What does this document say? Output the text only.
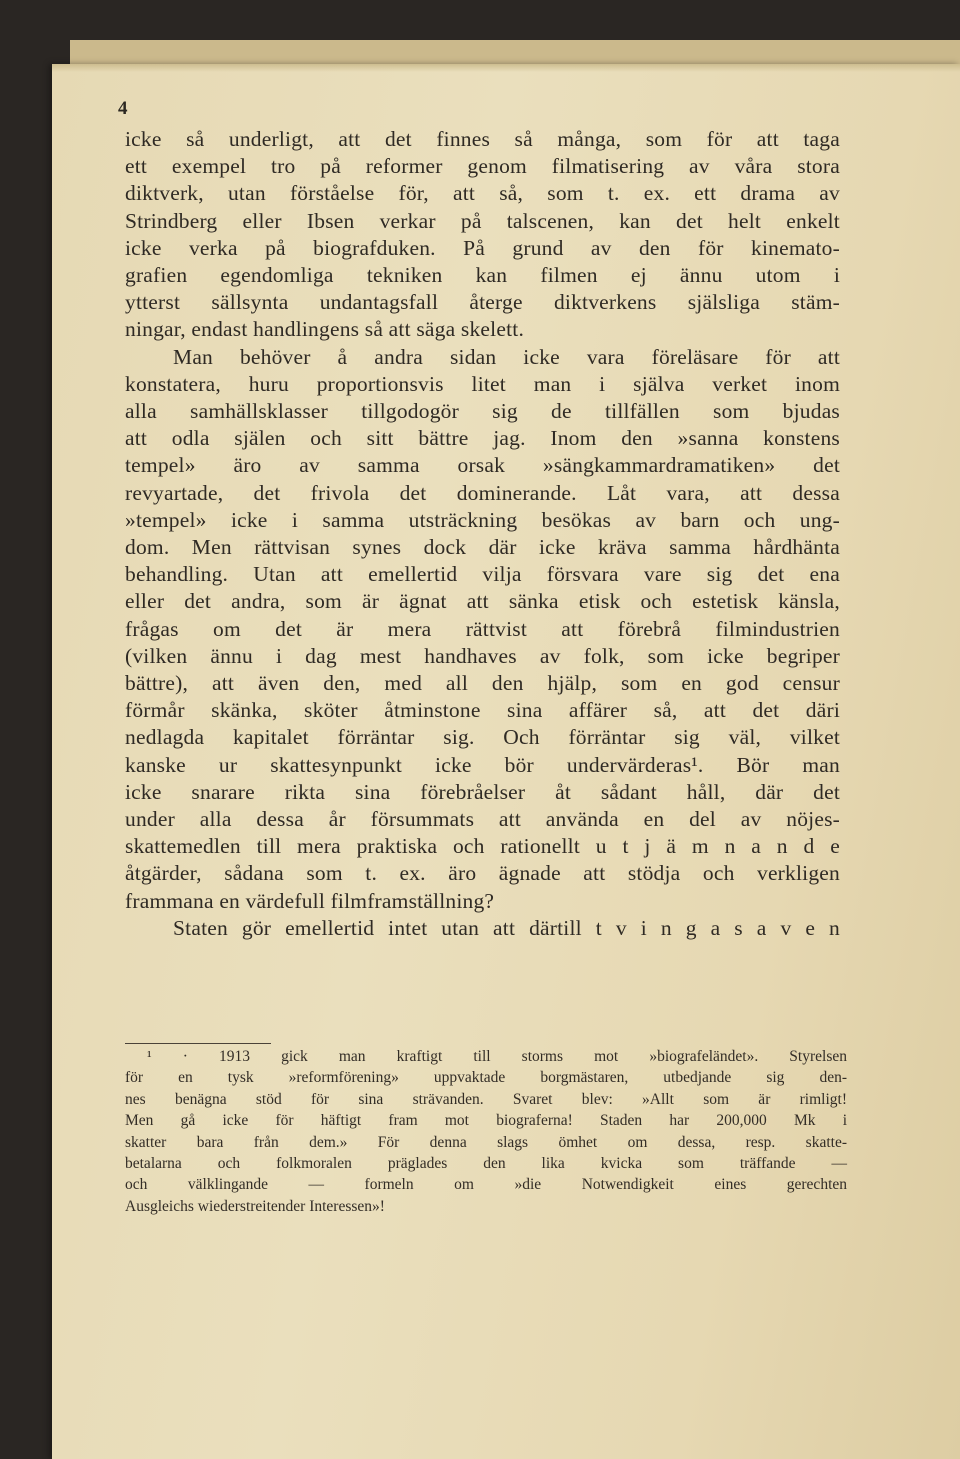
4
icke så underligt, att det finnes så många, som för att taga
ett exempel tro på reformer genom filmatisering av våra stora
diktverk, utan förståelse för, att så, som t. ex. ett drama av
Strindberg eller Ibsen verkar på talscenen, kan det helt enkelt
icke verka på biografduken. På grund av den för kinemato-
grafien egendomliga tekniken kan filmen ej ännu utom i
ytterst sällsynta undantagsfall återge diktverkens själsliga stäm-
ningar, endast handlingens så att säga skelett.
Man behöver å andra sidan icke vara föreläsare för att
konstatera, huru proportionsvis litet man i själva verket inom
alla samhällsklasser tillgodogör sig de tillfällen som bjudas
att odla själen och sitt bättre jag. Inom den »sanna konstens
tempel» äro av samma orsak »sängkammardramatiken» det
revyartade, det frivola det dominerande. Låt vara, att dessa
»tempel» icke i samma utsträckning besökas av barn och ung-
dom. Men rättvisan synes dock där icke kräva samma hårdhänta
behandling. Utan att emellertid vilja försvara vare sig det ena
eller det andra, som är ägnat att sänka etisk och estetisk känsla,
frågas om det är mera rättvist att förebrå filmindustrien
(vilken ännu i dag mest handhaves av folk, som icke begriper
bättre), att även den, med all den hjälp, som en god censur
förmår skänka, sköter åtminstone sina affärer så, att det däri
nedlagda kapitalet förräntar sig. Och förräntar sig väl, vilket
kanske ur skattesynpunkt icke bör undervärderas¹. Bör man
icke snarare rikta sina förebråelser åt sådant håll, där det
under alla dessa år försummats att använda en del av nöjes-
skattemedlen till mera praktiska och rationellt u t j ä m n a n d e
åtgärder, sådana som t. ex. äro ägnade att stödja och verkligen
frammana en värdefull filmframställning?
Staten gör emellertid intet utan att därtill t v i n g a s a v e n
¹ · 1913 gick man kraftigt till storms mot »biografeländet». Styrelsen
för en tysk »reformförening» uppvaktade borgmästaren, utbedjande sig den-
nes benägna stöd för sina strävanden. Svaret blev: »Allt som är rimligt!
Men gå icke för häftigt fram mot biograferna! Staden har 200,000 Mk i
skatter bara från dem.» För denna slags ömhet om dessa, resp. skatte-
betalarna och folkmoralen präglades den lika kvicka som träffande —
och välklingande — formeln om »die Notwendigkeit eines gerechten
Ausgleichs wiederstreitender Interessen»!
